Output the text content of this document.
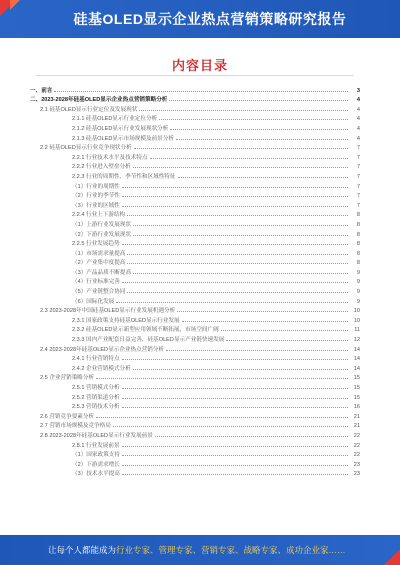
硅基OLED显示企业热点营销策略研究报告
内容目录
一、前言	3
二、2023-2028年硅基OLED显示企业热点营销策略分析	4
2.1 硅基OLED显示行业定位及发展现状	4
2.1.1 硅基OLED显示行业定位分析	4
2.1.2 硅基OLED显示行业发展现状分析	4
2.1.3 硅基OLED显示市场规模及前景分析	4
2.2 硅基OLED显示行业竞争现状分析	7
2.2.1 行业技术水平及技术特点	7
2.2.2 行业进入壁垒分析	7
2.2.3 行业的周期性、季节性和区域性特征	7
（1）行业的周期性	7
（2）行业的季节性	7
（3）行业的区域性	7
2.2.4 行业上下游结构	8
（1）上游行业发展现状	8
（2）下游行业发展现状	8
2.2.5 行业发展趋势	8
（1）市场需求量提高	8
（2）产业集中度提高	8
（3）产品品质不断提高	9
（4）行业标准完善	9
（5）产业链整合协同	9
（6）国际化发展	9
2.3 2023-2028年中国硅基OLED显示行业发展机遇分析	10
2.3.1 国家政策支持硅基OLED显示行业发展	10
2.3.2 硅基OLED显示新型应用领域不断拓展，市场空间广阔	11
2.3.3 国内产业配套日益完善，硅基OLED显示产业链快速发展	12
2.4 2023-2028年硅基OLED显示企业热点营销分析	14
2.4.1 行业营销特点	14
2.4.2 企业营销模式分析	14
2.5 企业营销策略分析	15
2.5.1 营销模式分析	15
2.5.2 营销渠道分析	15
2.5.3 营销技术分析	16
2.6 营销竞争要素分析	21
2.7 营销市场规模及竞争格局	21
2.8 2023-2028年硅基OLED显示行业发展前景	22
2.8.1 行业发展前景	22
（1）国家政策支持	22
（2）下游需求增长	23
（3）技术水平提高	23
让每个人都能成为行业专家、管理专家、营销专家、战略专家、成功企业家……
